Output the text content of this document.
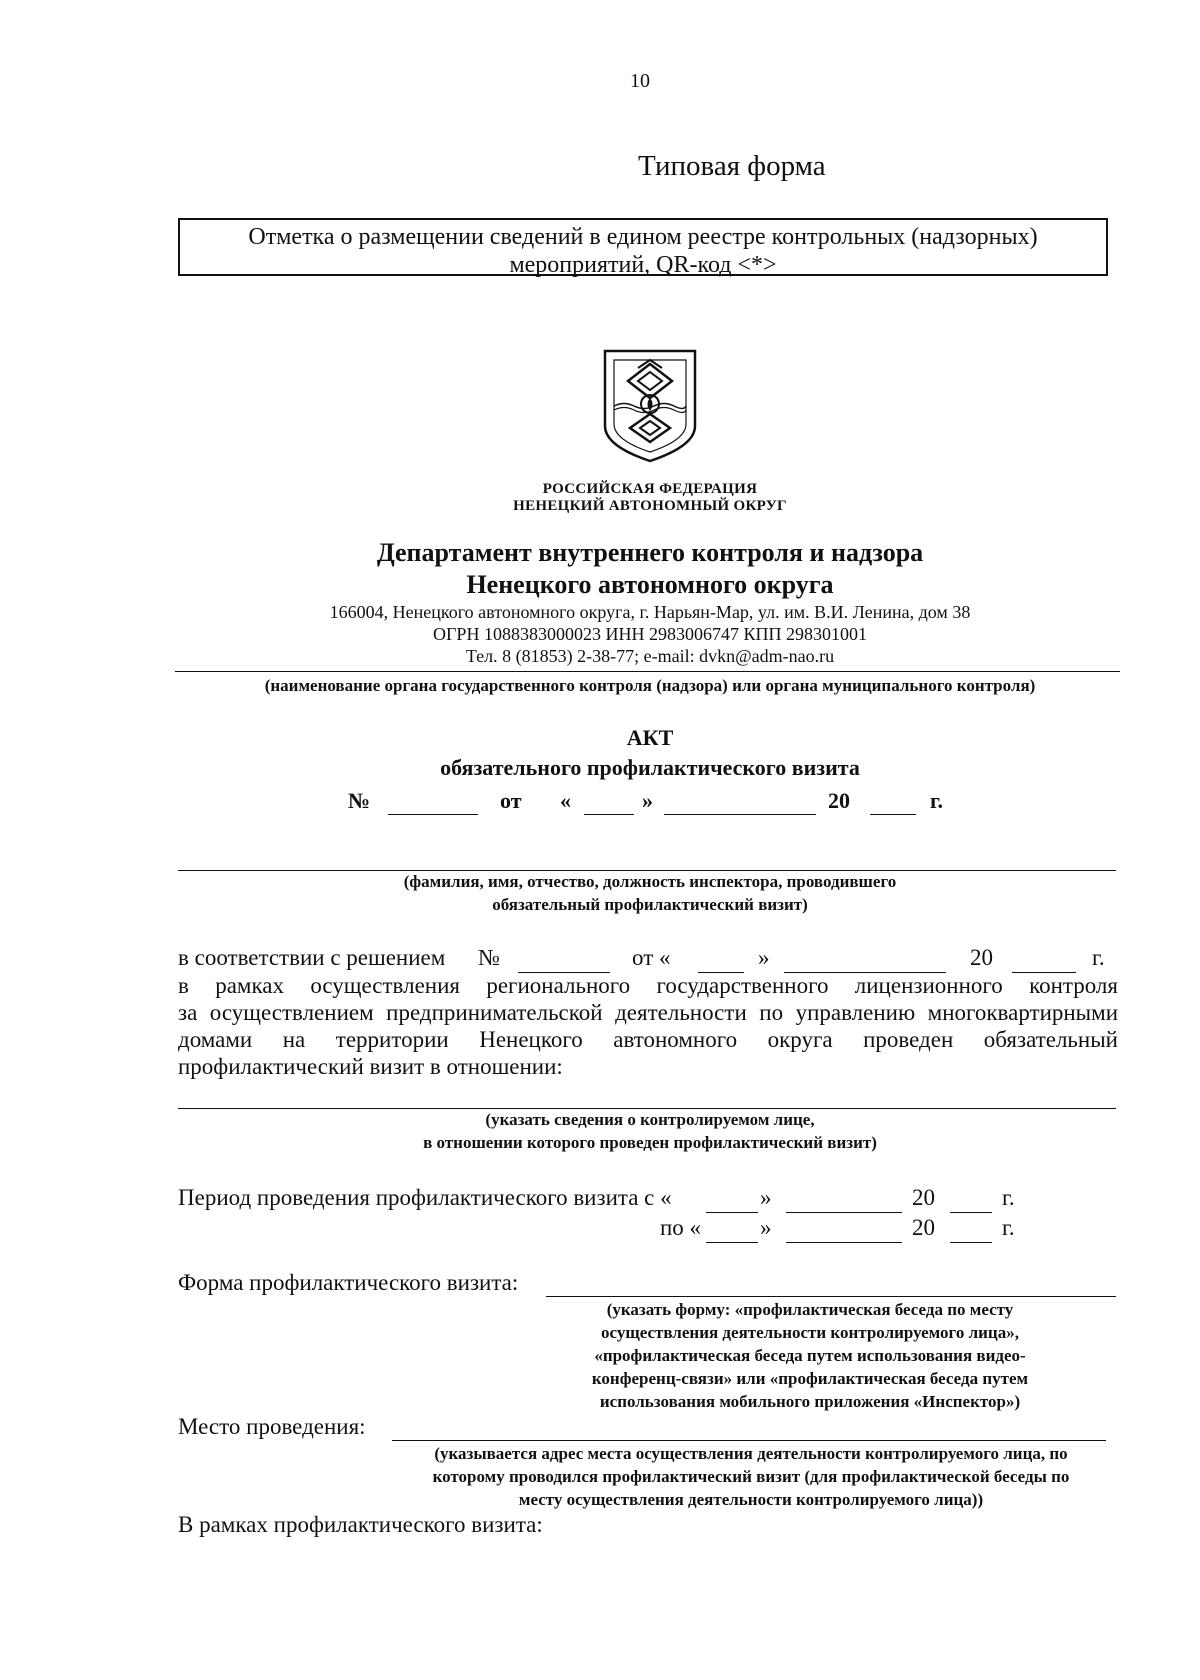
10
Типовая форма
Отметка о размещении сведений в едином реестре контрольных (надзорных)
мероприятий, QR-код <*>
РОССИЙСКАЯ ФЕДЕРАЦИЯ
НЕНЕЦКИЙ АВТОНОМНЫЙ ОКРУГ
Департамент внутреннего контроля и надзора
Ненецкого автономного округа
166004, Ненецкого автономного округа, г. Нарьян-Мар, ул. им. В.И. Ленина, дом 38
ОГРН 1088383000023 ИНН 2983006747 КПП 298301001
Тел. 8 (81853) 2-38-77; e-mail: dvkn@adm-nao.ru
(наименование органа государственного контроля (надзора) или органа муниципального контроля)
АКТ
обязательного профилактического визита
№	от «	»	20	г.
(фамилия, имя, отчество, должность инспектора, проводившего
обязательный профилактический визит)
в соответствии с решением №	от «	»	20	г.
в рамках осуществления регионального государственного лицензионного контроля
за осуществлением предпринимательской деятельности по управлению многоквартирными
домами на территории Ненецкого автономного округа проведен обязательный
профилактический визит в отношении:
(указать сведения о контролируемом лице,
в отношении которого проведен профилактический визит)
Период проведения профилактического визита с «	»	20	г.
по «	»	20	г.
Форма профилактического визита:
(указать форму: «профилактическая беседа по месту
осуществления деятельности контролируемого лица»,
«профилактическая беседа путем использования видео-
конференц-связи» или «профилактическая беседа путем
использования мобильного приложения «Инспектор»)
Место проведения:
(указывается адрес места осуществления деятельности контролируемого лица, по
которому проводился профилактический визит (для профилактической беседы по
месту осуществления деятельности контролируемого лица))
В рамках профилактического визита:
